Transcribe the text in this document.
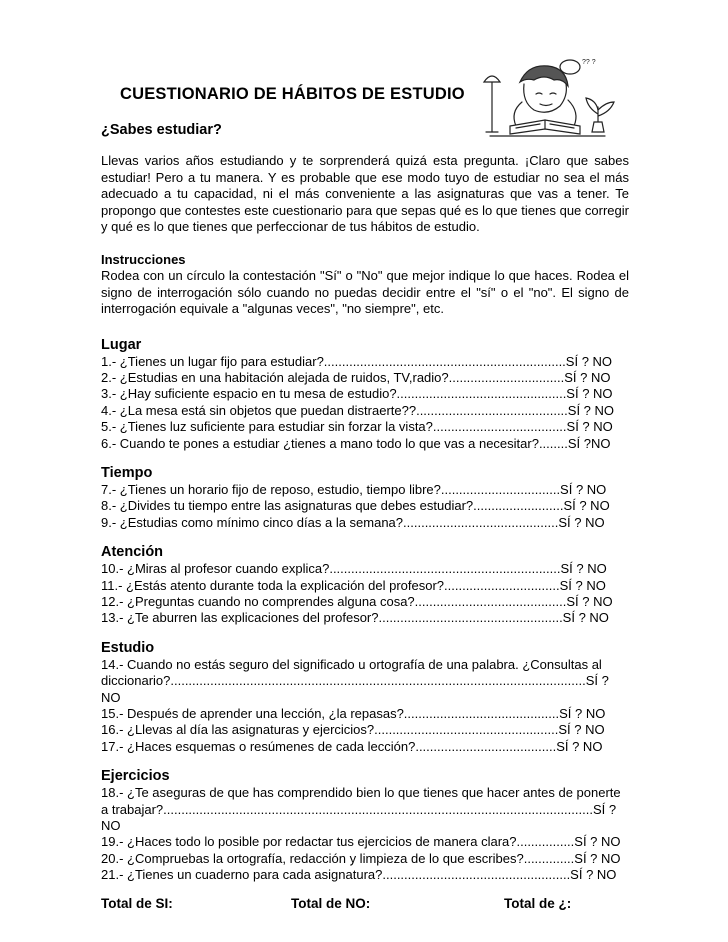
CUESTIONARIO DE HÁBITOS DE ESTUDIO
?? ?
¿Sabes estudiar?
Llevas varios años estudiando y te sorprenderá quizá esta pregunta. ¡Claro que sabes estudiar! Pero a tu manera. Y es probable que ese modo tuyo de estudiar no sea el más adecuado a tu capacidad, ni el más conveniente a las asignaturas que vas a tener. Te propongo que contestes este cuestionario para que sepas qué es lo que tienes que corregir y qué es lo que tienes que perfeccionar de tus hábitos de estudio.
Instrucciones
Rodea con un círculo la contestación "Sí" o "No" que mejor indique lo que haces. Rodea el signo de interrogación sólo cuando no puedas decidir entre el "sí" o el "no". El signo de interrogación equivale a "algunas veces", "no siempre", etc.
Lugar
1.- ¿Tienes un lugar fijo para estudiar?...................................................................SÍ ? NO
2.- ¿Estudias en una habitación alejada de ruidos, TV,radio?................................SÍ ? NO
3.- ¿Hay suficiente espacio en tu mesa de estudio?...............................................SÍ ? NO
4.- ¿La mesa está sin objetos que puedan distraerte??..........................................SÍ ? NO
5.- ¿Tienes luz suficiente para estudiar sin forzar la vista?.....................................SÍ ? NO
6.- Cuando te pones a estudiar ¿tienes a mano todo lo que vas a necesitar?........SÍ ?NO
Tiempo
7.- ¿Tienes un horario fijo de reposo, estudio, tiempo libre?.................................SÍ ? NO
8.- ¿Divides tu tiempo entre las asignaturas que debes estudiar?.........................SÍ ? NO
9.- ¿Estudias como mínimo cinco días a la semana?...........................................SÍ ? NO
Atención
10.- ¿Miras al profesor cuando explica?................................................................SÍ ? NO
11.- ¿Estás atento durante toda la explicación del profesor?................................SÍ ? NO
12.- ¿Preguntas cuando no comprendes alguna cosa?..........................................SÍ ? NO
13.- ¿Te aburren las explicaciones del profesor?...................................................SÍ ? NO
Estudio
14.- Cuando no estás seguro del significado u ortografía de una palabra. ¿Consultas al diccionario?...................................................................................................................SÍ ? NO
15.- Después de aprender una lección, ¿la repasas?...........................................SÍ ? NO
16.- ¿Llevas al día las asignaturas y ejercicios?...................................................SÍ ? NO
17.- ¿Haces esquemas o resúmenes de cada lección?.......................................SÍ ? NO
Ejercicios
18.- ¿Te aseguras de que has comprendido bien lo que tienes que hacer antes de ponerte a trabajar?.......................................................................................................................SÍ ? NO
19.- ¿Haces todo lo posible por redactar tus ejercicios de manera clara?................SÍ ? NO
20.- ¿Compruebas la ortografía, redacción y limpieza de lo que escribes?..............SÍ ? NO
21.- ¿Tienes un cuaderno para cada asignatura?....................................................SÍ ? NO
Total de SI:	Total de NO:	Total de ¿:
